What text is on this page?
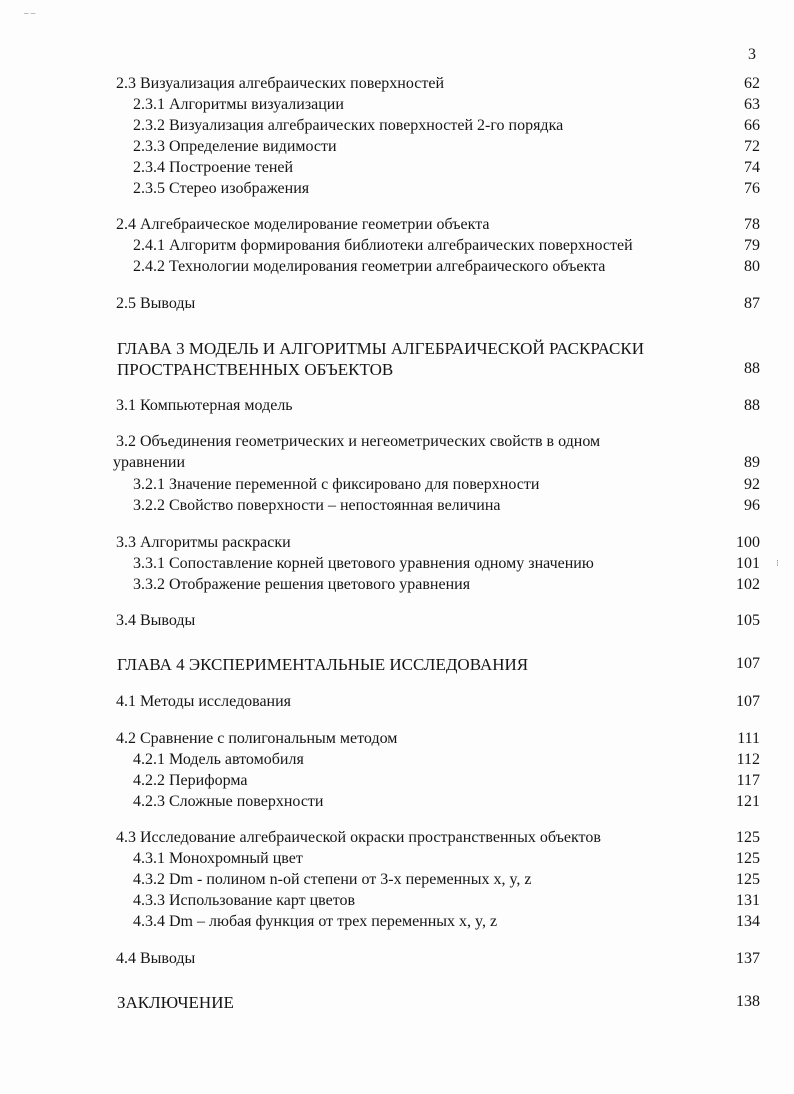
3
2.3 Визуализация алгебраических поверхностей	62
2.3.1 Алгоритмы визуализации	63
2.3.2 Визуализация алгебраических поверхностей 2-го порядка	66
2.3.3 Определение видимости	72
2.3.4 Построение теней	74
2.3.5 Стерео изображения	76
2.4 Алгебраическое моделирование геометрии объекта	78
2.4.1 Алгоритм формирования библиотеки алгебраических поверхностей	79
2.4.2 Технологии моделирования геометрии алгебраического объекта	80
2.5 Выводы	87
ГЛАВА 3 МОДЕЛЬ И АЛГОРИТМЫ АЛГЕБРАИЧЕСКОЙ РАСКРАСКИ
ПРОСТРАНСТВЕННЫХ ОБЪЕКТОВ	88
3.1 Компьютерная модель	88
3.2 Объединения геометрических и негеометрических свойств в одном
уравнении	89
3.2.1 Значение переменной с фиксировано для поверхности	92
3.2.2 Свойство поверхности – непостоянная величина	96
3.3 Алгоритмы раскраски	100
3.3.1 Сопоставление корней цветового уравнения одному значению	101
3.3.2 Отображение решения цветового уравнения	102
3.4 Выводы	105
ГЛАВА 4 ЭКСПЕРИМЕНТАЛЬНЫЕ ИССЛЕДОВАНИЯ	107
4.1 Методы исследования	107
4.2 Сравнение с полигональным методом	111
4.2.1 Модель автомобиля	112
4.2.2 Периформа	117
4.2.3 Сложные поверхности	121
4.3 Исследование алгебраической окраски пространственных объектов	125
4.3.1 Монохромный цвет	125
4.3.2 Dm - полином n-ой степени от 3-х переменных x, y, z	125
4.3.3 Использование карт цветов	131
4.3.4 Dm – любая функция от трех переменных x, y, z	134
4.4 Выводы	137
ЗАКЛЮЧЕНИЕ	138
– –
⁝
